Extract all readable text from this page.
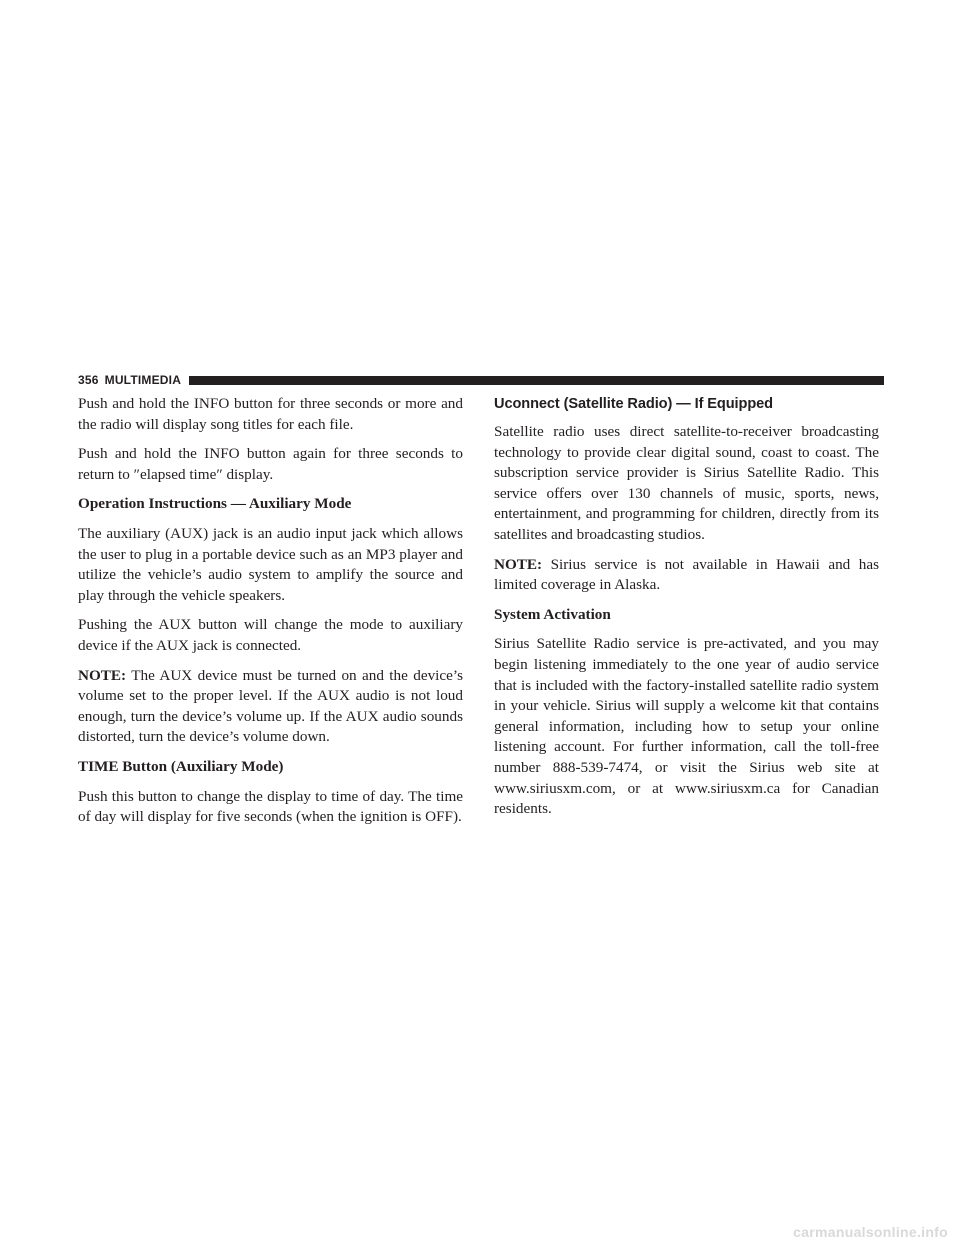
356 MULTIMEDIA

Push and hold the INFO button for three seconds or more and the radio will display song titles for each file.

Push and hold the INFO button again for three seconds to return to ″elapsed time″ display.

Operation Instructions — Auxiliary Mode

The auxiliary (AUX) jack is an audio input jack which allows the user to plug in a portable device such as an MP3 player and utilize the vehicle’s audio system to amplify the source and play through the vehicle speakers.

Pushing the AUX button will change the mode to auxiliary device if the AUX jack is connected.

NOTE: The AUX device must be turned on and the device’s volume set to the proper level. If the AUX audio is not loud enough, turn the device’s volume up. If the AUX audio sounds distorted, turn the device’s volume down.

TIME Button (Auxiliary Mode)

Push this button to change the display to time of day. The time of day will display for five seconds (when the ignition is OFF).

Uconnect (Satellite Radio) — If Equipped

Satellite radio uses direct satellite-to-receiver broadcasting technology to provide clear digital sound, coast to coast. The subscription service provider is Sirius Satellite Radio. This service offers over 130 channels of music, sports, news, entertainment, and programming for children, directly from its satellites and broadcasting studios.

NOTE: Sirius service is not available in Hawaii and has limited coverage in Alaska.

System Activation

Sirius Satellite Radio service is pre-activated, and you may begin listening immediately to the one year of audio service that is included with the factory-installed satellite radio system in your vehicle. Sirius will supply a welcome kit that contains general information, including how to setup your online listening account. For further information, call the toll-free number 888-539-7474, or visit the Sirius web site at www.siriusxm.com, or at www.siriusxm.ca for Canadian residents.

carmanualsonline.info
